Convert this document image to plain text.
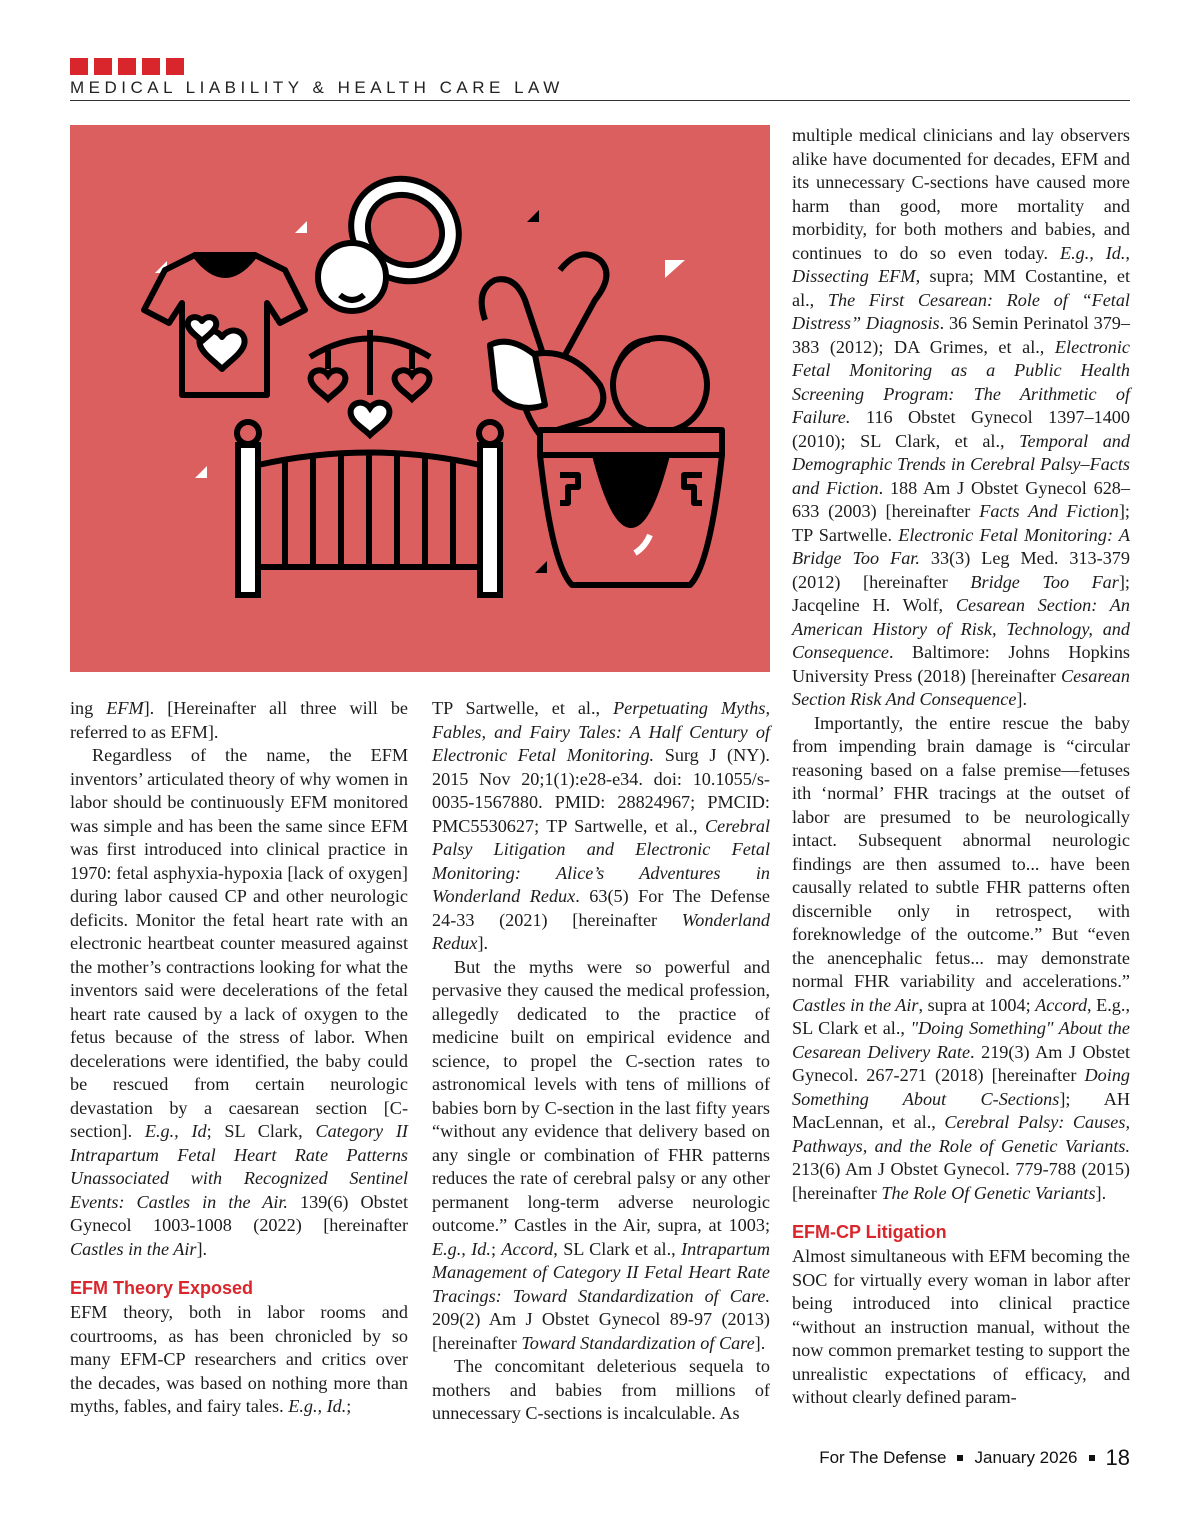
MEDICAL LIABILITY & HEALTH CARE LAW

ing EFM]. [Hereinafter all three will be referred to as EFM].

Regardless of the name, the EFM inventors’ articulated theory of why women in labor should be continuously EFM monitored was simple and has been the same since EFM was first introduced into clinical practice in 1970: fetal asphyxia-hypoxia [lack of oxygen] during labor caused CP and other neurologic deficits. Monitor the fetal heart rate with an electronic heartbeat counter measured against the mother’s contractions looking for what the inventors said were decelerations of the fetal heart rate caused by a lack of oxygen to the fetus because of the stress of labor. When decelerations were identified, the baby could be rescued from certain neurologic devastation by a caesarean section [C-section]. E.g., Id; SL Clark, Category II Intrapartum Fetal Heart Rate Patterns Unassociated with Recognized Sentinel Events: Castles in the Air. 139(6) Obstet Gynecol 1003-1008 (2022) [hereinafter Castles in the Air].

EFM Theory Exposed

EFM theory, both in labor rooms and courtrooms, as has been chronicled by so many EFM-CP researchers and critics over the decades, was based on nothing more than myths, fables, and fairy tales. E.g., Id.;

TP Sartwelle, et al., Perpetuating Myths, Fables, and Fairy Tales: A Half Century of Electronic Fetal Monitoring. Surg J (NY). 2015 Nov 20;1(1):e28-e34. doi: 10.1055/s-0035-1567880. PMID: 28824967; PMCID: PMC5530627; TP Sartwelle, et al., Cerebral Palsy Litigation and Electronic Fetal Monitoring: Alice’s Adventures in Wonderland Redux. 63(5) For The Defense 24-33 (2021) [hereinafter Wonderland Redux].

But the myths were so powerful and pervasive they caused the medical profession, allegedly dedicated to the practice of medicine built on empirical evidence and science, to propel the C-section rates to astronomical levels with tens of millions of babies born by C-section in the last fifty years “without any evidence that delivery based on any single or combination of FHR patterns reduces the rate of cerebral palsy or any other permanent long-term adverse neurologic outcome.” Castles in the Air, supra, at 1003; E.g., Id.; Accord, SL Clark et al., Intrapartum Management of Category II Fetal Heart Rate Tracings: Toward Standardization of Care. 209(2) Am J Obstet Gynecol 89-97 (2013) [hereinafter Toward Standardization of Care].

The concomitant deleterious sequela to mothers and babies from millions of unnecessary C-sections is incalculable. As

multiple medical clinicians and lay observers alike have documented for decades, EFM and its unnecessary C-sections have caused more harm than good, more mortality and morbidity, for both mothers and babies, and continues to do so even today. E.g., Id., Dissecting EFM, supra; MM Costantine, et al., The First Cesarean: Role of “Fetal Distress” Diagnosis. 36 Semin Perinatol 379–383 (2012); DA Grimes, et al., Electronic Fetal Monitoring as a Public Health Screening Program: The Arithmetic of Failure. 116 Obstet Gynecol 1397–1400 (2010); SL Clark, et al., Temporal and Demographic Trends in Cerebral Palsy–Facts and Fiction. 188 Am J Obstet Gynecol 628–633 (2003) [hereinafter Facts And Fiction]; TP Sartwelle. Electronic Fetal Monitoring: A Bridge Too Far. 33(3) Leg Med. 313-379 (2012) [hereinafter Bridge Too Far]; Jacqeline H. Wolf, Cesarean Section: An American History of Risk, Technology, and Consequence. Baltimore: Johns Hopkins University Press (2018) [hereinafter Cesarean Section Risk And Consequence].

Importantly, the entire rescue the baby from impending brain damage is “circular reasoning based on a false premise—fetuses ith ‘normal’ FHR tracings at the outset of labor are presumed to be neurologically intact. Subsequent abnormal neurologic findings are then assumed to... have been causally related to subtle FHR patterns often discernible only in retrospect, with foreknowledge of the outcome.” But “even the anencephalic fetus... may demonstrate normal FHR variability and accelerations.” Castles in the Air, supra at 1004; Accord, E.g., SL Clark et al., "Doing Something" About the Cesarean Delivery Rate. 219(3) Am J Obstet Gynecol. 267-271 (2018) [hereinafter Doing Something About C-Sections]; AH MacLennan, et al., Cerebral Palsy: Causes, Pathways, and the Role of Genetic Variants. 213(6) Am J Obstet Gynecol. 779-788 (2015) [hereinafter The Role Of Genetic Variants].

EFM-CP Litigation

Almost simultaneous with EFM becoming the SOC for virtually every woman in labor after being introduced into clinical practice “without an instruction manual, without the now common premarket testing to support the unrealistic expectations of efficacy, and without clearly defined param-

For The Defense January 2026 18
